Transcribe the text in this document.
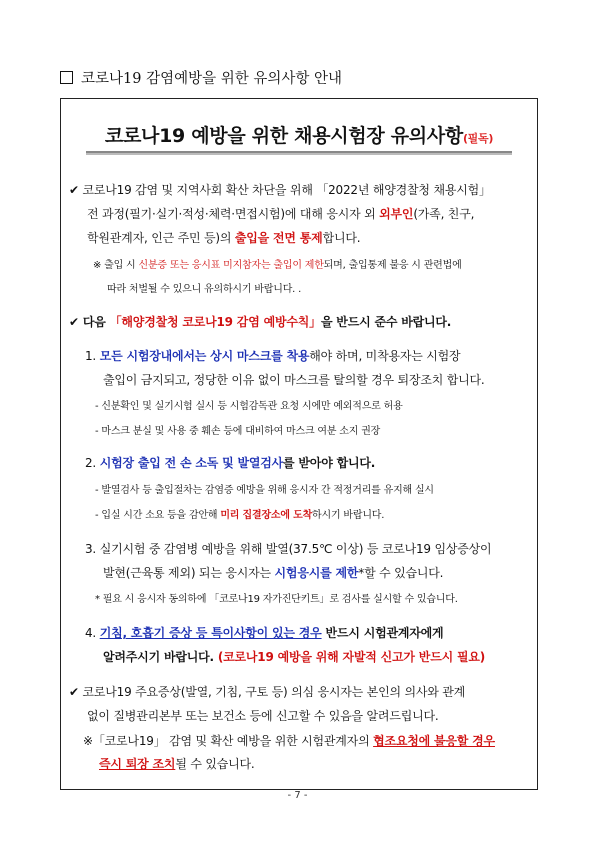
코로나19 감염예방을 위한 유의사항 안내
코로나19 예방을 위한 채용시험장 유의사항(필독)
✔ 코로나19 감염 및 지역사회 확산 차단을 위해 「2022년 해양경찰청 채용시험」
전 과정(필기·실기·적성·체력·면접시험)에 대해 응시자 외 외부인(가족, 친구,
학원관계자, 인근 주민 등)의 출입을 전면 통제합니다.
※ 출입 시 신분증 또는 응시표 미지참자는 출입이 제한되며, 출입통제 불응 시 관련법에
따라 처벌될 수 있으니 유의하시기 바랍니다. .
✔ 다음 「해양경찰청 코로나19 감염 예방수칙」을 반드시 준수 바랍니다.
1. 모든 시험장내에서는 상시 마스크를 착용해야 하며, 미착용자는 시험장
출입이 금지되고, 정당한 이유 없이 마스크를 탈의할 경우 퇴장조치 합니다.
- 신분확인 및 실기시험 실시 등 시험감독관 요청 시에만 예외적으로 허용
- 마스크 분실 및 사용 중 훼손 등에 대비하여 마스크 여분 소지 권장
2. 시험장 출입 전 손 소독 및 발열검사를 받아야 합니다.
- 발열검사 등 출입절차는 감염증 예방을 위해 응시자 간 적정거리를 유지해 실시
- 입실 시간 소요 등을 감안해 미리 집결장소에 도착하시기 바랍니다.
3. 실기시험 중 감염병 예방을 위해 발열(37.5℃ 이상) 등 코로나19 임상증상이
발현(근육통 제외) 되는 응시자는 시험응시를 제한*할 수 있습니다.
* 필요 시 응시자 동의하에 「코로나19 자가진단키트」로 검사를 실시할 수 있습니다.
4. 기침, 호흡기 증상 등 특이사항이 있는 경우 반드시 시험관계자에게
알려주시기 바랍니다. (코로나19 예방을 위해 자발적 신고가 반드시 필요)
✔ 코로나19 주요증상(발열, 기침, 구토 등) 의심 응시자는 본인의 의사와 관계
없이 질병관리본부 또는 보건소 등에 신고할 수 있음을 알려드립니다.
※「코로나19」 감염 및 확산 예방을 위한 시험관계자의 협조요청에 불응할 경우
즉시 퇴장 조치될 수 있습니다.
- 7 -
